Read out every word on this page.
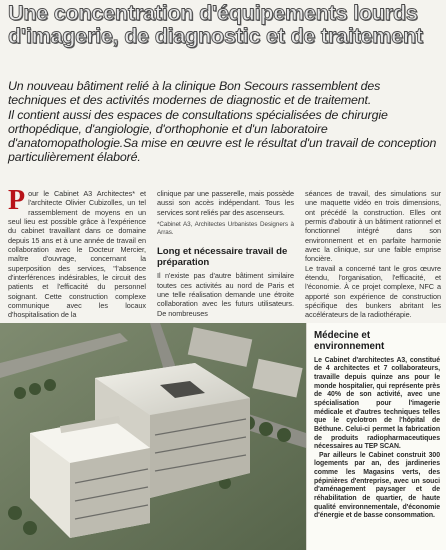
Une concentration d'équipements lourds d'imagerie, de diagnostic et de traitement

Un nouveau bâtiment relié à la clinique Bon Secours rassemblent des techniques et des activités modernes de diagnostic et de traitement.

Il contient aussi des espaces de consultations spécialisées de chirurgie orthopédique, d'angiologie, d'orthophonie et d'un laboratoire d'anatomopathologie.Sa mise en œuvre est le résultat d'un travail de conception particulièrement élaboré.

P our le Cabinet A3 Architectes* et l'architecte Olivier Cubizolles, un tel rassemblement de moyens en un seul lieu est possible grâce à l'expérience du cabinet travaillant dans ce domaine depuis 15 ans et à une année de travail en collaboration avec le Docteur Mercier, maître d'ouvrage, concernant la superposition des services, "l'absence d'interférences indésirables, le circuit des patients et l'efficacité du personnel soignant. Cette construction complexe communique avec les locaux d'hospitalisation de la

clinique par une passerelle, mais possède aussi son accès indépendant. Tous les services sont reliés par des ascenseurs.

*Cabinet A3, Architectes Urbanistes Designers à Arras.

Long et nécessaire travail de préparation

Il n'existe pas d'autre bâtiment similaire toutes ces activités au nord de Paris et une telle réalisation demande une étroite collaboration avec les futurs utilisateurs. De nombreuses

séances de travail, des simulations sur une maquette vidéo en trois dimensions, ont précédé la construction. Elles ont permis d'aboutir à un bâtiment rationnel et fonctionnel intégré dans son environnement et en parfaite harmonie avec la clinique, sur une faible emprise foncière.

Le travail a concerné tant le gros œuvre étendu, l'organisation, l'efficacité, et l'économie. À ce projet complexe, NFC a apporté son expérience de construction spécifique des bunkers abritant les accélérateurs de la radiothérapie.

Médecine et environnement

Le Cabinet d'architectes A3, constitué de 4 architectes et 7 collaborateurs, travaille depuis quinze ans pour le monde hospitalier, qui représente près de 40% de son activité, avec une spécialisation pour l'imagerie médicale et d'autres techniques telles que le cyclotron de l'hôpital de Béthune. Celui-ci permet la fabrication de produits radiopharmaceutiques nécessaires au TEP SCAN.

Par ailleurs le Cabinet construit 300 logements par an, des jardineries comme les Magasins verts, des pépinières d'entreprise, avec un souci d'aménagement paysager et de réhabilitation de quartier, de haute qualité environnementale, d'économie d'énergie et de basse consommation.
